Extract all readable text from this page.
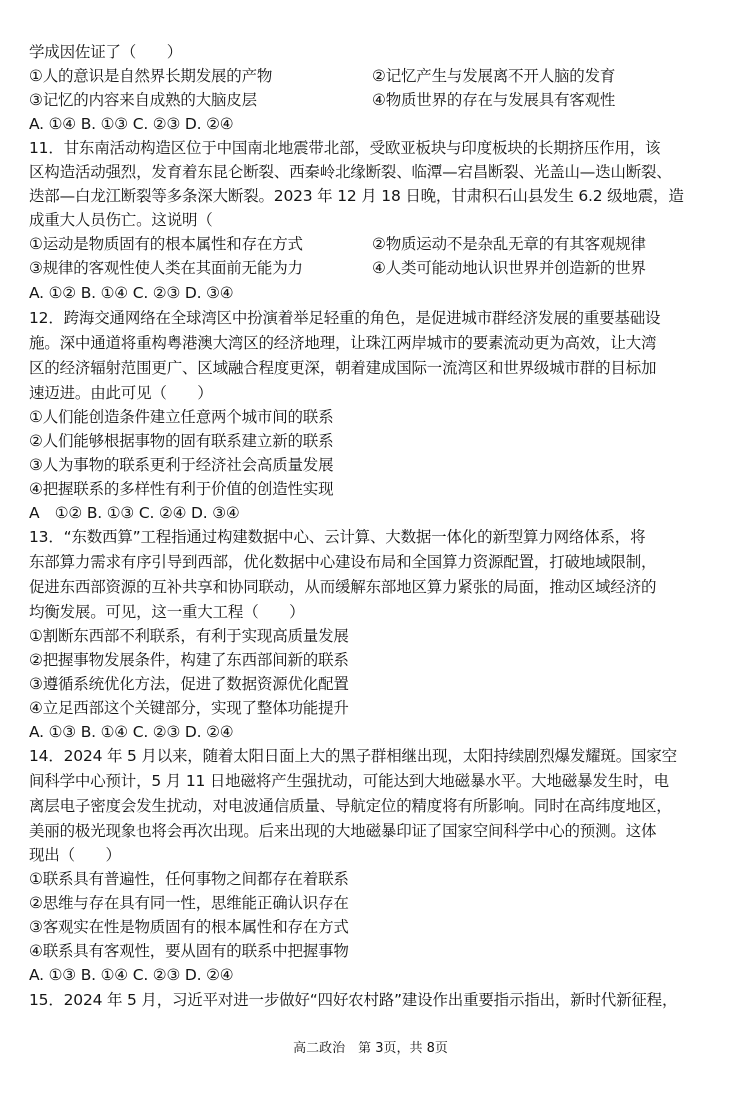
学成因佐证了（　　）
①人的意识是自然界长期发展的产物	②记忆产生与发展离不开人脑的发育
③记忆的内容来自成熟的大脑皮层	④物质世界的存在与发展具有客观性
A. ①④ B. ①③ C. ②③ D. ②④
11．甘东南活动构造区位于中国南北地震带北部，受欧亚板块与印度板块的长期挤压作用，该
区构造活动强烈，发育着东昆仑断裂、西秦岭北缘断裂、临潭—宕昌断裂、光盖山—迭山断裂、
迭部—白龙江断裂等多条深大断裂。2023 年 12 月 18 日晚，甘肃积石山县发生 6.2 级地震，造
成重大人员伤亡。这说明（
①运动是物质固有的根本属性和存在方式	②物质运动不是杂乱无章的有其客观规律
③规律的客观性使人类在其面前无能为力	④人类可能动地认识世界并创造新的世界
A. ①② B. ①④ C. ②③ D. ③④
12．跨海交通网络在全球湾区中扮演着举足轻重的角色，是促进城市群经济发展的重要基础设
施。深中通道将重构粤港澳大湾区的经济地理，让珠江两岸城市的要素流动更为高效，让大湾
区的经济辐射范围更广、区域融合程度更深，朝着建成国际一流湾区和世界级城市群的目标加
速迈进。由此可见（　　）
①人们能创造条件建立任意两个城市间的联系
②人们能够根据事物的固有联系建立新的联系
③人为事物的联系更利于经济社会高质量发展
④把握联系的多样性有利于价值的创造性实现
A　①② B. ①③ C. ②④ D. ③④
13．“东数西算”工程指通过构建数据中心、云计算、大数据一体化的新型算力网络体系，将
东部算力需求有序引导到西部，优化数据中心建设布局和全国算力资源配置，打破地域限制，
促进东西部资源的互补共享和协同联动，从而缓解东部地区算力紧张的局面，推动区域经济的
均衡发展。可见，这一重大工程（　　）
①割断东西部不利联系，有利于实现高质量发展
②把握事物发展条件，构建了东西部间新的联系
③遵循系统优化方法，促进了数据资源优化配置
④立足西部这个关键部分，实现了整体功能提升
A. ①③ B. ①④ C. ②③ D. ②④
14．2024 年 5 月以来，随着太阳日面上大的黑子群相继出现，太阳持续剧烈爆发耀斑。国家空
间科学中心预计，5 月 11 日地磁将产生强扰动，可能达到大地磁暴水平。大地磁暴发生时，电
离层电子密度会发生扰动，对电波通信质量、导航定位的精度将有所影响。同时在高纬度地区，
美丽的极光现象也将会再次出现。后来出现的大地磁暴印证了国家空间科学中心的预测。这体
现出（　　）
①联系具有普遍性，任何事物之间都存在着联系
②思维与存在具有同一性，思维能正确认识存在
③客观实在性是物质固有的根本属性和存在方式
④联系具有客观性，要从固有的联系中把握事物
A. ①③ B. ①④ C. ②③ D. ②④
15．2024 年 5 月，习近平对进一步做好“四好农村路”建设作出重要指示指出，新时代新征程，
高二政治　第 3页，共 8页
